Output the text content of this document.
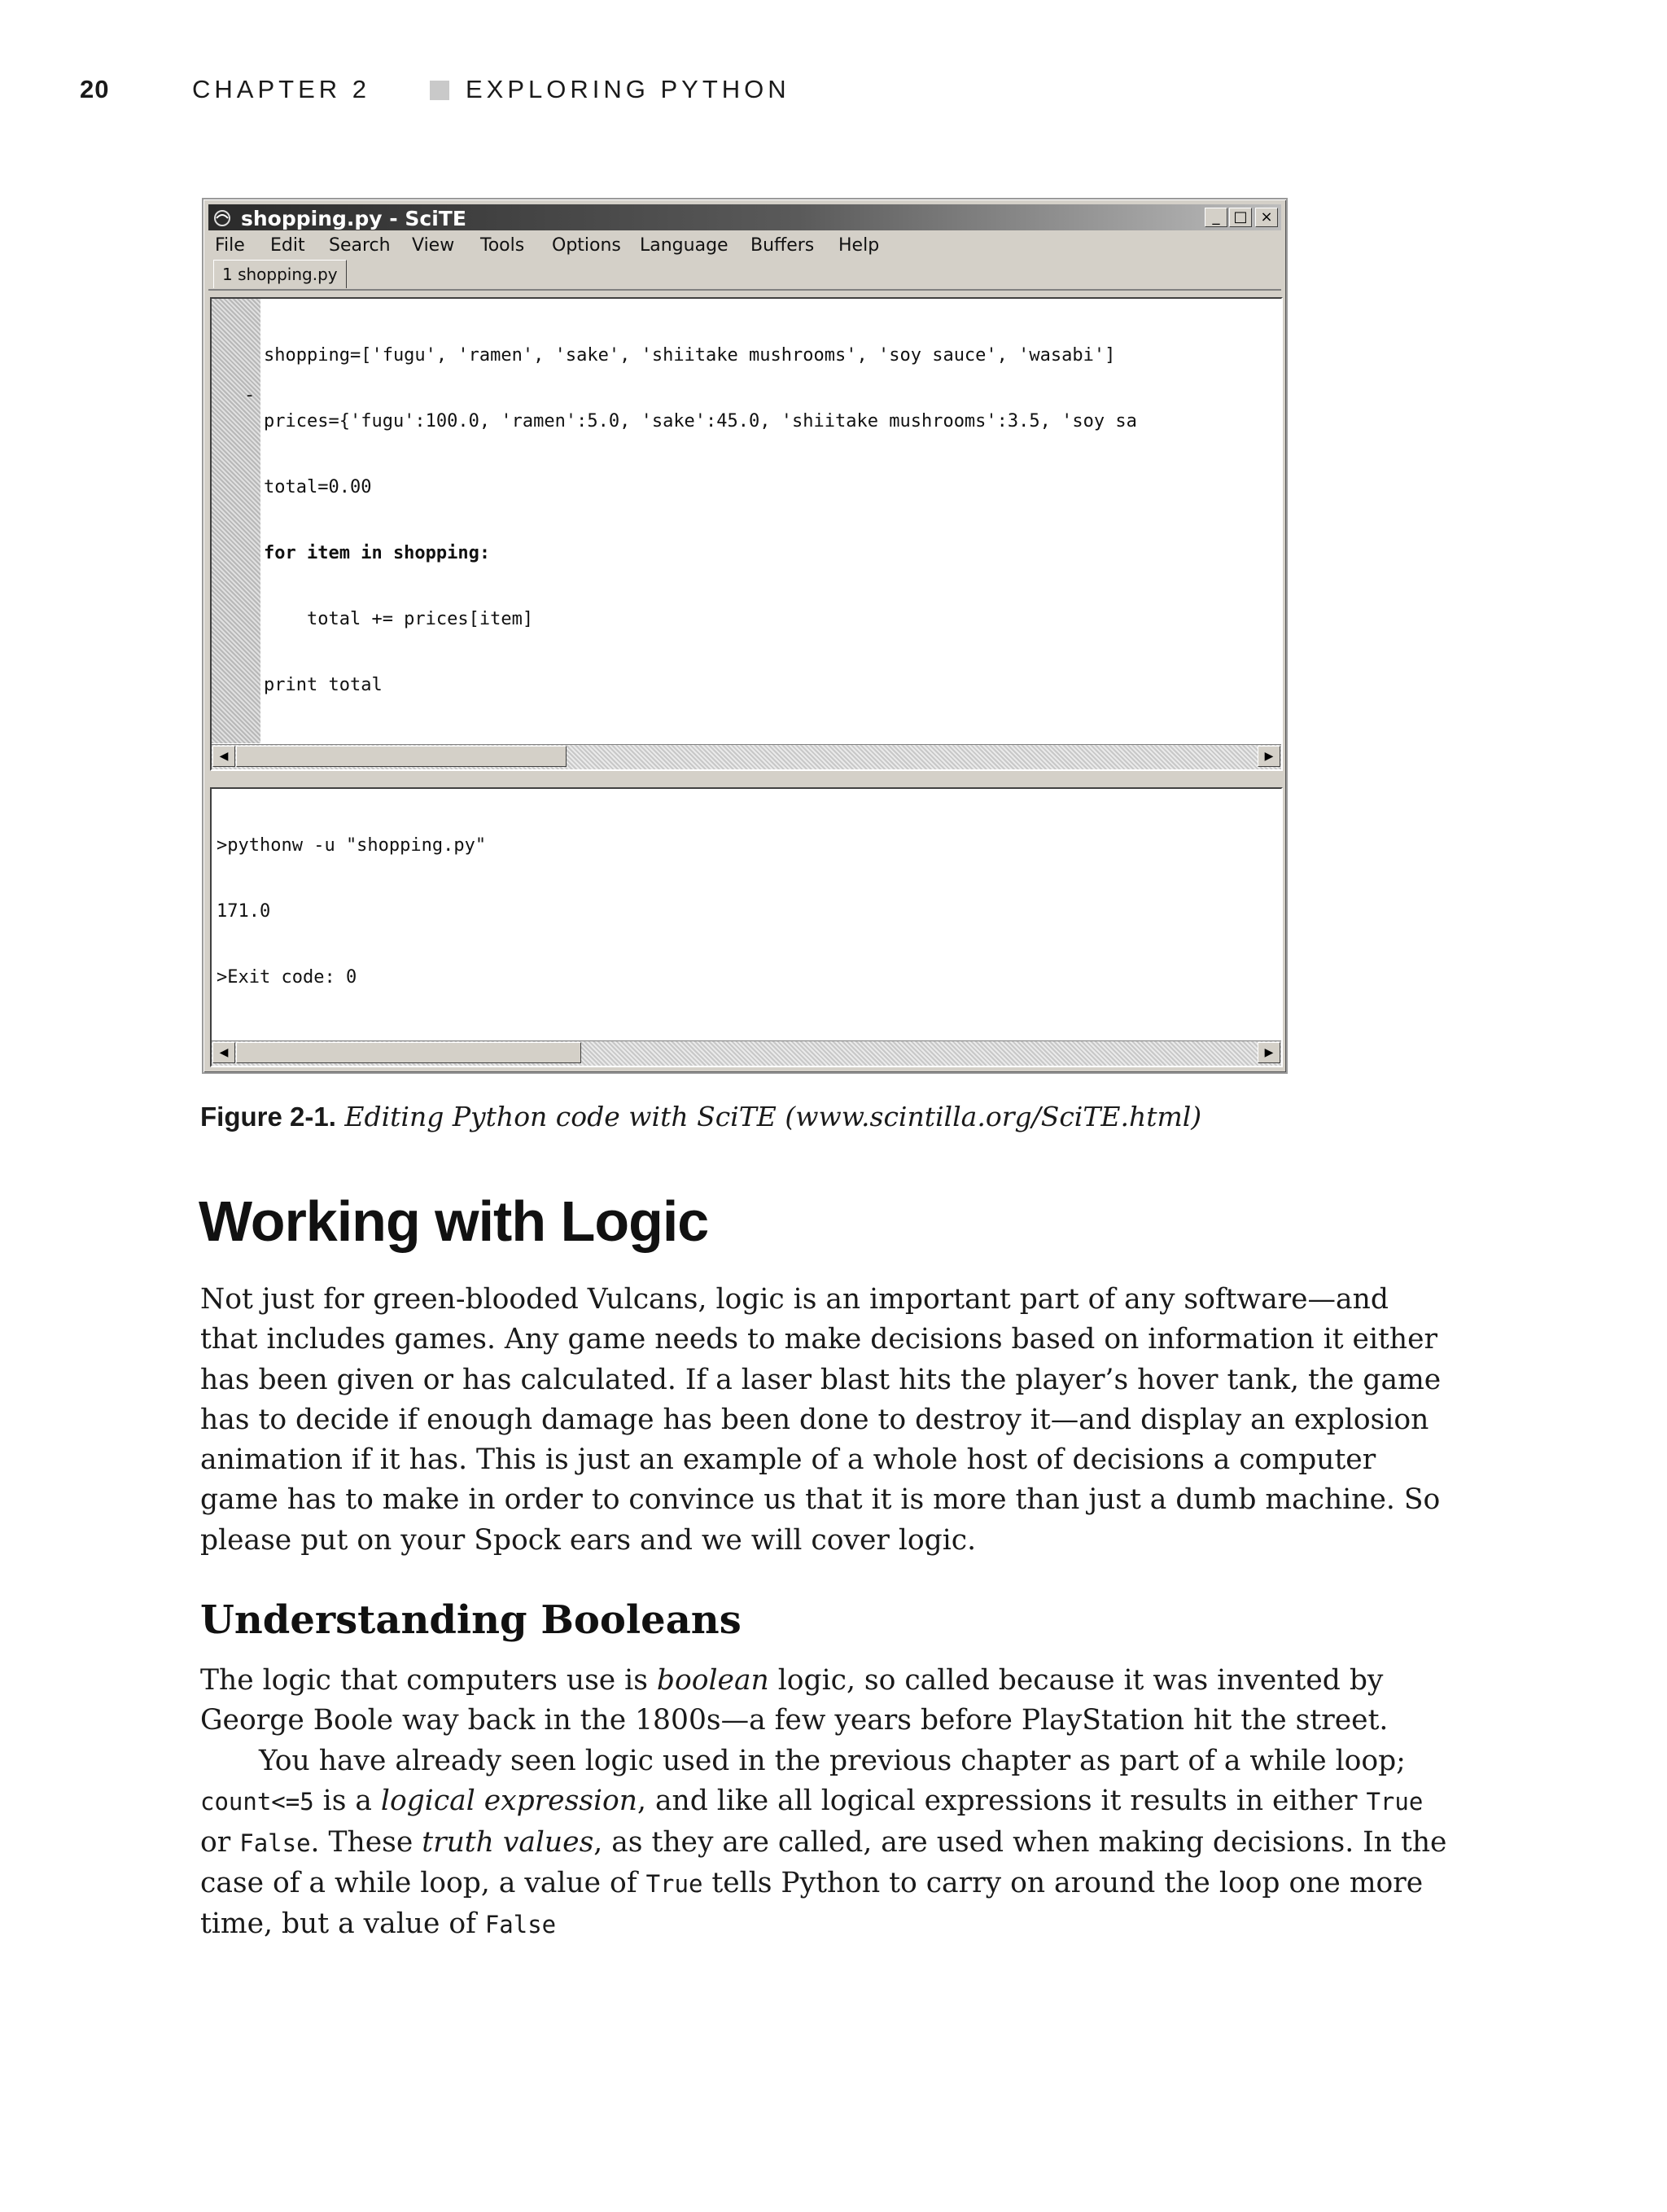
20	CHAPTER 2	EXPLORING PYTHON
shopping.py - SciTE	_ □ ×
File Edit Search View Tools Options Language Buffers Help
1 shopping.py
-

shopping=['fugu', 'ramen', 'sake', 'shiitake mushrooms', 'soy sauce', 'wasabi']

prices={'fugu':100.0, 'ramen':5.0, 'sake':45.0, 'shiitake mushrooms':3.5, 'soy sa

total=0.00

for item in shopping:

total += prices[item]

print total

◀	▶

>pythonw -u "shopping.py"

171.0

>Exit code: 0

◀	▶
Figure 2-1. Editing Python code with SciTE (www.scintilla.org/SciTE.html)
Working with Logic

Not just for green-blooded Vulcans, logic is an important part of any software—and that includes games. Any game needs to make decisions based on information it either has been given or has calculated. If a laser blast hits the player’s hover tank, the game has to decide if enough damage has been done to destroy it—and display an explosion animation if it has. This is just an example of a whole host of decisions a computer game has to make in order to convince us that it is more than just a dumb machine. So please put on your Spock ears and we will cover logic.

Understanding Booleans

The logic that computers use is boolean logic, so called because it was invented by George Boole way back in the 1800s—a few years before PlayStation hit the street.

You have already seen logic used in the previous chapter as part of a while loop; count<=5 is a logical expression, and like all logical expressions it results in either True or False. These truth values, as they are called, are used when making decisions. In the case of a while loop, a value of True tells Python to carry on around the loop one more time, but a value of False
